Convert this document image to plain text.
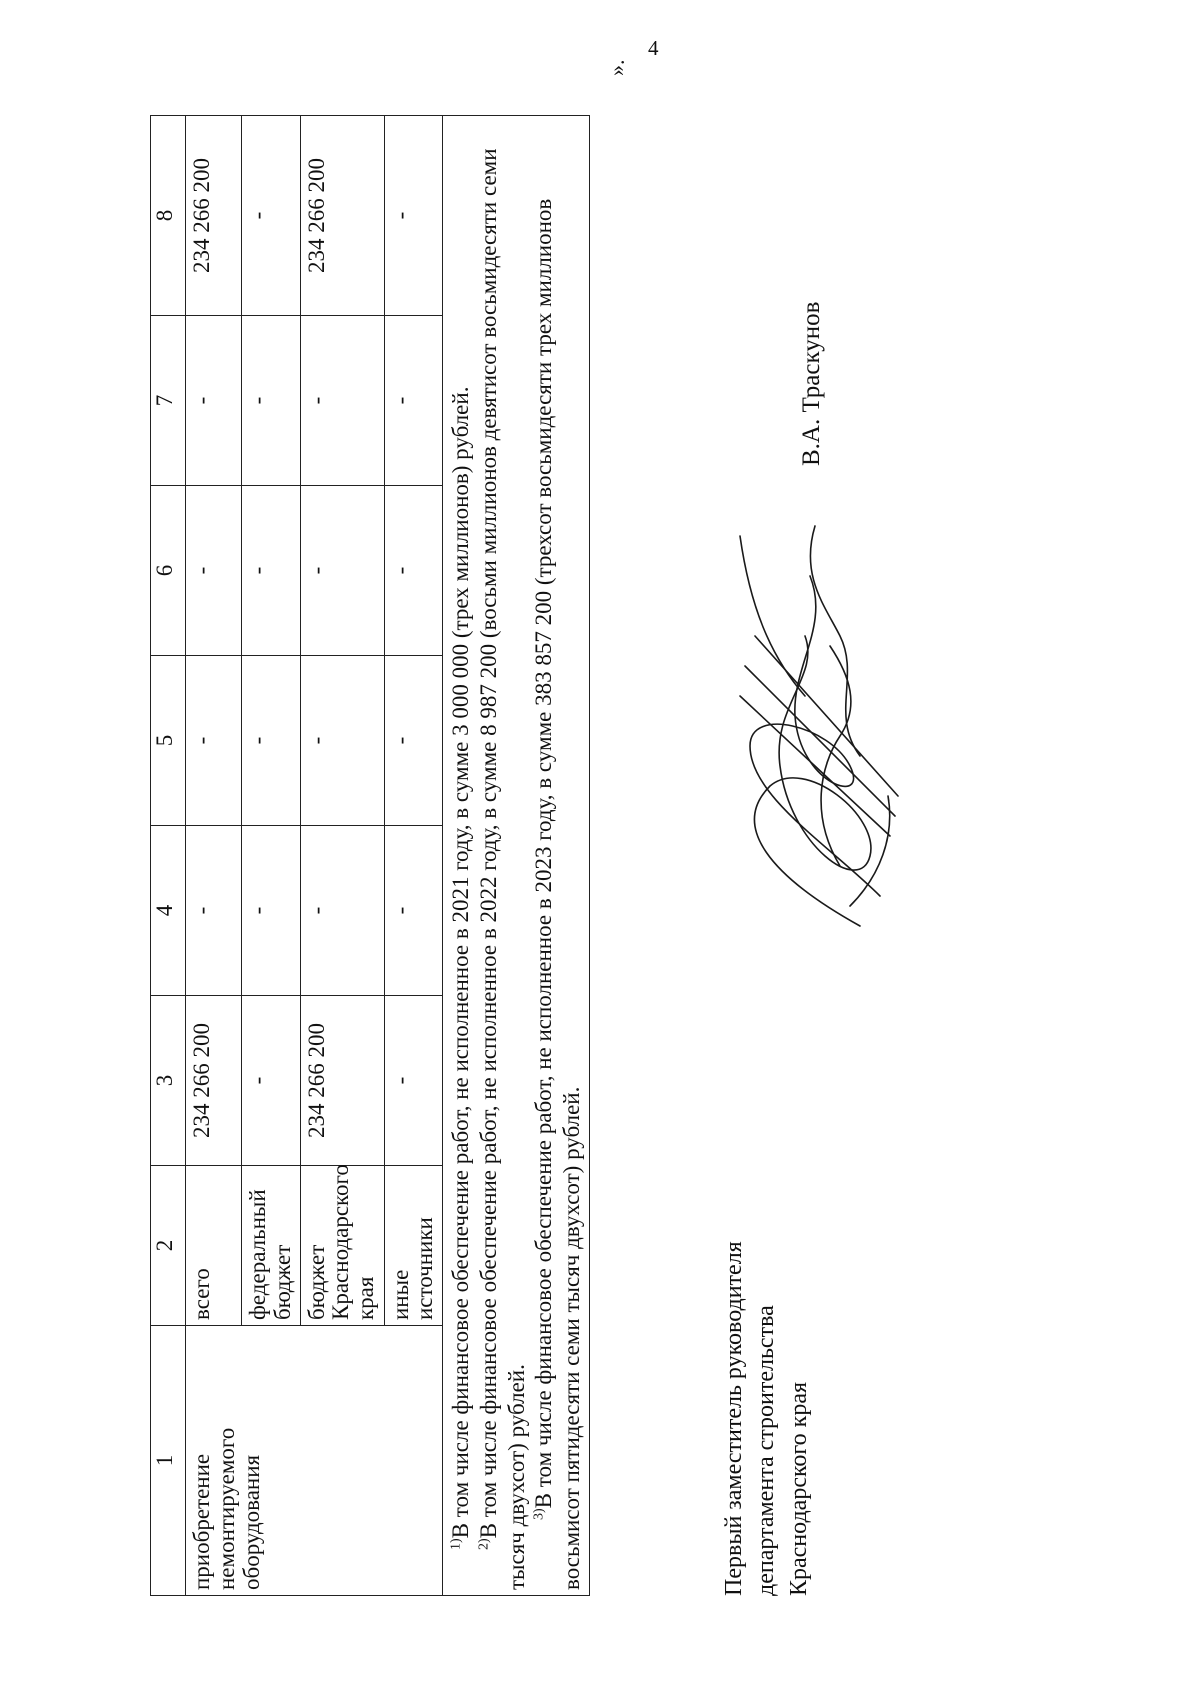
4
1	2	3	4	5	6	7	8
приобретение немонтируемого оборудования	всего	234 266 200	-	-	-	-	234 266 200
	федеральный бюджет	-	-	-	-	-	-
	бюджет Краснодарского края	234 266 200	-	-	-	-	234 266 200
	иные источники	-	-	-	-	-	-

$^{1)}$В том числе финансовое обеспечение работ, не исполненное в 2021 году, в сумме 3 000 000 (трех миллионов) рублей.
$^{2)}$В том числе финансовое обеспечение работ, не исполненное в 2022 году, в сумме 8 987 200 (восьми миллионов девятисот восьмидесяти семи тысяч двухсот) рублей. $^{3)}$В том числе финансовое обеспечение работ, не исполненное в 2023 году, в сумме 383 857 200 (трехсот восьмидесяти трех миллионов восьмисот пятидесяти семи тысяч двухсот) рублей.							
».
Первый заместитель руководителя департамента строительства Краснодарского края
В.А. Траскунов
